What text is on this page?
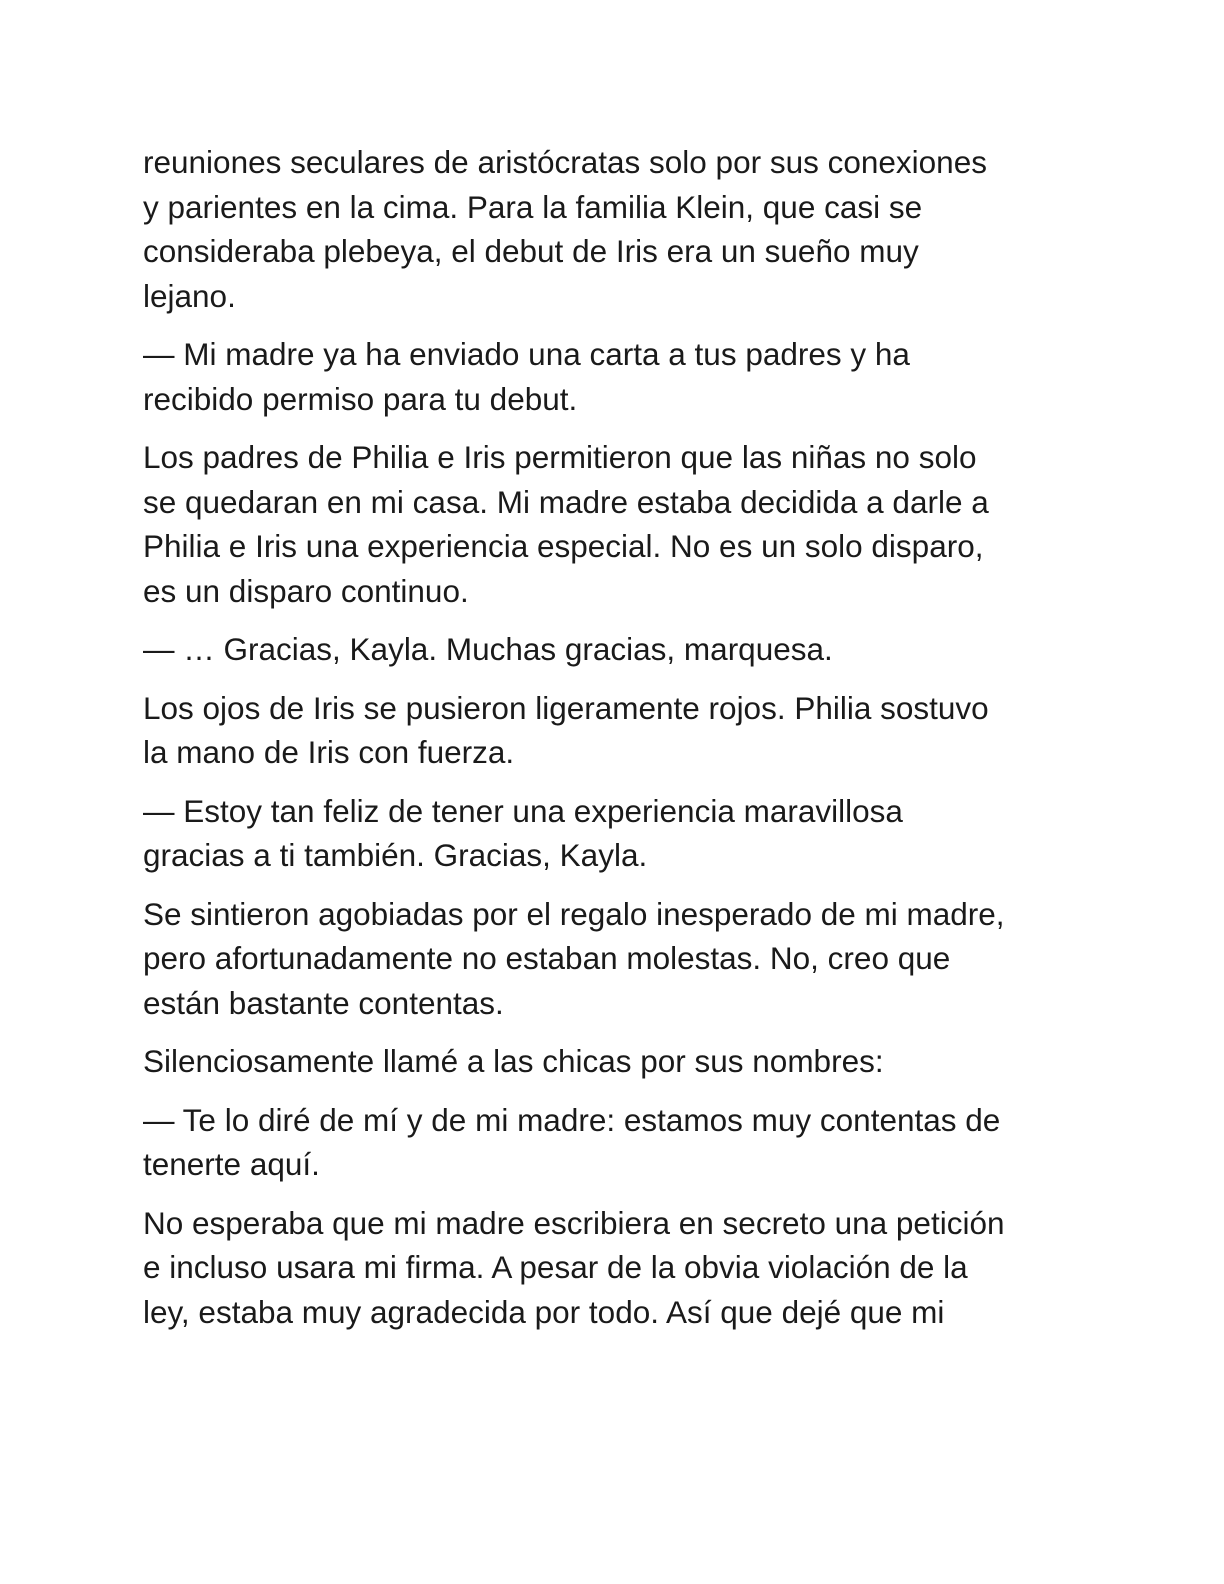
reuniones seculares de aristócratas solo por sus conexiones
y parientes en la cima. Para la familia Klein, que casi se
consideraba plebeya, el debut de Iris era un sueño muy
lejano.
— Mi madre ya ha enviado una carta a tus padres y ha
recibido permiso para tu debut.
Los padres de Philia e Iris permitieron que las niñas no solo
se quedaran en mi casa. Mi madre estaba decidida a darle a
Philia e Iris una experiencia especial. No es un solo disparo,
es un disparo continuo.
— … Gracias, Kayla. Muchas gracias, marquesa.
Los ojos de Iris se pusieron ligeramente rojos. Philia sostuvo
la mano de Iris con fuerza.
— Estoy tan feliz de tener una experiencia maravillosa
gracias a ti también. Gracias, Kayla.
Se sintieron agobiadas por el regalo inesperado de mi madre,
pero afortunadamente no estaban molestas. No, creo que
están bastante contentas.
Silenciosamente llamé a las chicas por sus nombres:
— Te lo diré de mí y de mi madre: estamos muy contentas de
tenerte aquí.
No esperaba que mi madre escribiera en secreto una petición
e incluso usara mi firma. A pesar de la obvia violación de la
ley, estaba muy agradecida por todo. Así que dejé que mi
